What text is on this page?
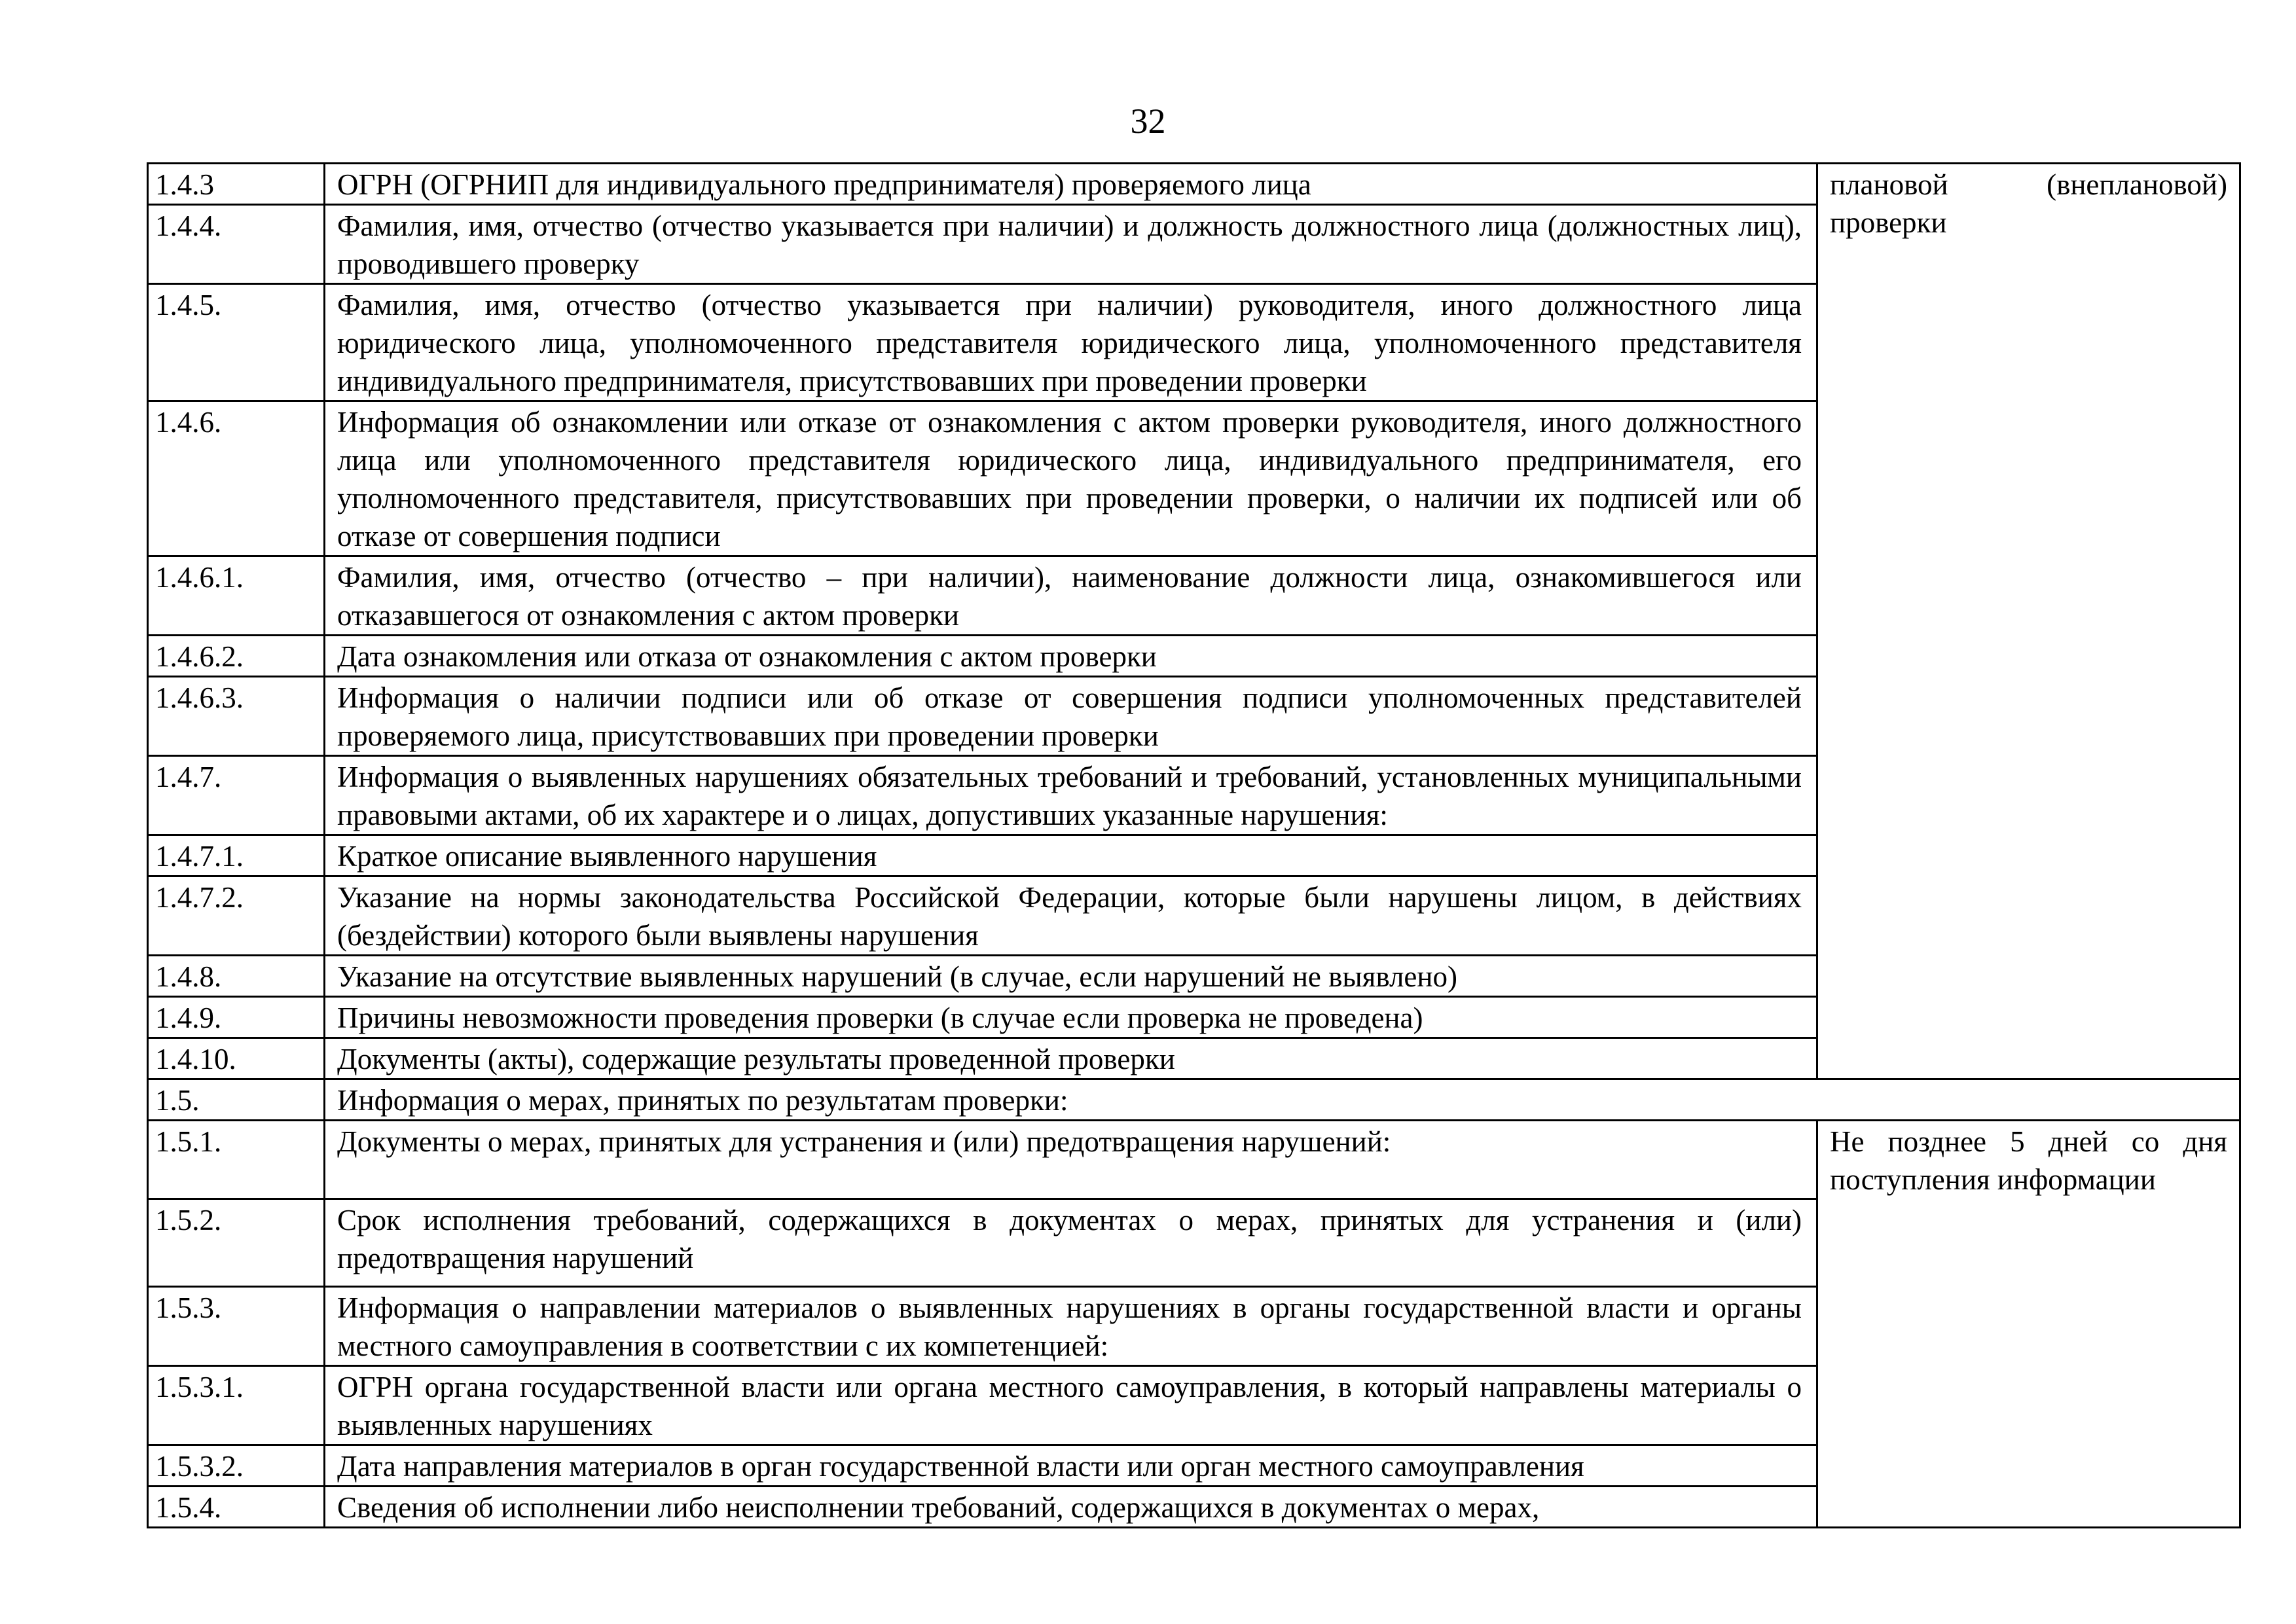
32
1.4.3	ОГРН (ОГРНИП для индивидуального предпринимателя) проверяемого лица	плановой (внеплановой) проверки
1.4.4.	Фамилия, имя, отчество (отчество указывается при наличии) и должность должностного лица (должностных лиц), проводившего проверку	
1.4.5.	Фамилия, имя, отчество (отчество указывается при наличии) руководителя, иного должностного лица юридического лица, уполномоченного представителя юридического лица, уполномоченного представителя индивидуального предпринимателя, присутствовавших при проведении проверки	
1.4.6.	Информация об ознакомлении или отказе от ознакомления с актом проверки руководителя, иного должностного лица или уполномоченного представителя юридического лица, индивидуального предпринимателя, его уполномоченного представителя, присутствовавших при проведении проверки, о наличии их подписей или об отказе от совершения подписи	
1.4.6.1.	Фамилия, имя, отчество (отчество – при наличии), наименование должности лица, ознакомившегося или отказавшегося от ознакомления с актом проверки	
1.4.6.2.	Дата ознакомления или отказа от ознакомления с актом проверки	
1.4.6.3.	Информация о наличии подписи или об отказе от совершения подписи уполномоченных представителей проверяемого лица, присутствовавших при проведении проверки	
1.4.7.	Информация о выявленных нарушениях обязательных требований и требований, установленных муниципальными правовыми актами, об их характере и о лицах, допустивших указанные нарушения:	
1.4.7.1.	Краткое описание выявленного нарушения	
1.4.7.2.	Указание на нормы законодательства Российской Федерации, которые были нарушены лицом, в действиях (бездействии) которого были выявлены нарушения	
1.4.8.	Указание на отсутствие выявленных нарушений (в случае, если нарушений не выявлено)	
1.4.9.	Причины невозможности проведения проверки (в случае если проверка не проведена)	
1.4.10.	Документы (акты), содержащие результаты проведенной проверки	
1.5.	Информация о мерах, принятых по результатам проверки:	
1.5.1.	Документы о мерах, принятых для устранения и (или) предотвращения нарушений:	Не позднее 5 дней со дня поступления информации
1.5.2.	Срок исполнения требований, содержащихся в документах о мерах, принятых для устранения и (или) предотвращения нарушений	
1.5.3.	Информация о направлении материалов о выявленных нарушениях в органы государственной власти и органы местного самоуправления в соответствии с их компетенцией:	
1.5.3.1.	ОГРН органа государственной власти или органа местного самоуправления, в который направлены материалы о выявленных нарушениях	
1.5.3.2.	Дата направления материалов в орган государственной власти или орган местного самоуправления	
1.5.4.	Сведения об исполнении либо неисполнении требований, содержащихся в документах о мерах,	
